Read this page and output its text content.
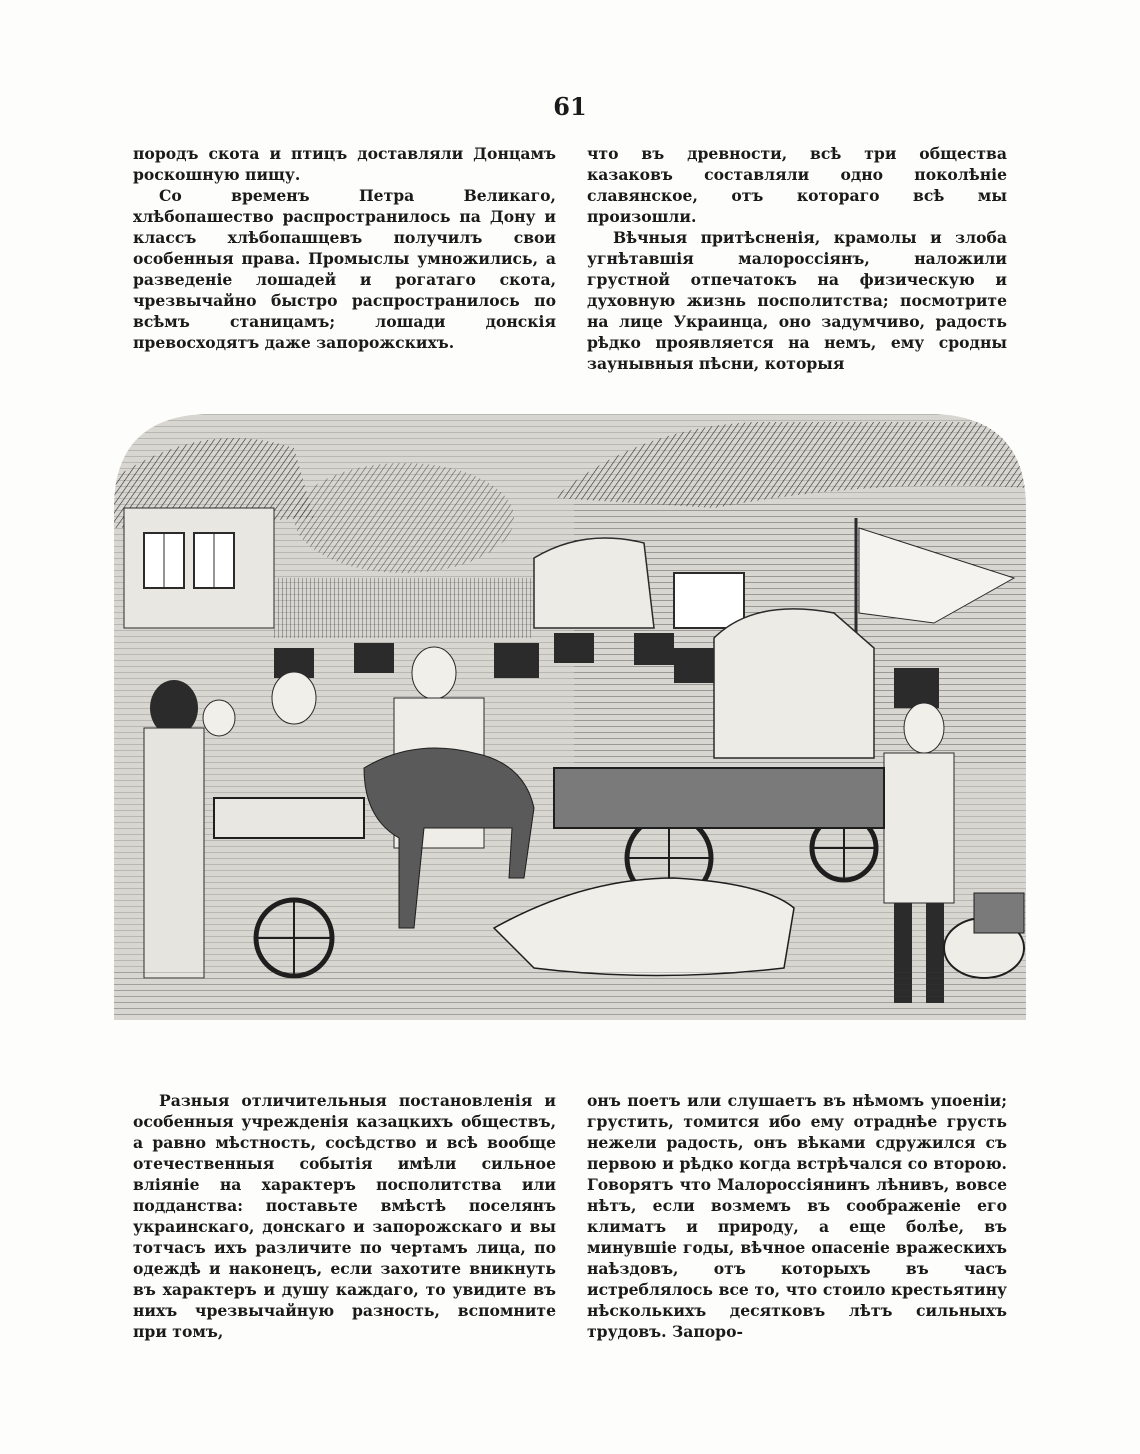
61

породъ скота и птицъ доставляли Донцамъ роскошную пищу.

Со временъ Петра Великаго, хлѣбопашество распространилось па Дону и классъ хлѣбопашцевъ получилъ свои особенныя права. Промыслы умножились, а разведеніе лошадей и рогатаго скота, чрезвычайно быстро распространилось по всѣмъ станицамъ; лошади донскія превосходятъ даже запорожскихъ.

что въ древности, всѣ три общества казаковъ составляли одно поколѣніе славянское, отъ котораго всѣ мы произошли.

Вѣчныя притѣсненія, крамолы и злоба угнѣтавшія малороссіянъ, наложили грустной отпечатокъ на физическую и духовную жизнь посполитства; посмотрите на лице Украинца, оно задумчиво, радость рѣдко проявляется на немъ, ему сродны заунывныя пѣсни, которыя

Разныя отличительныя постановленія и особенныя учрежденія казацкихъ обществъ, а равно мѣстность, сосѣдство и всѣ вообще отечественныя событія имѣли сильное вліяніе на характеръ посполитства или подданства: поставьте вмѣстѣ поселянъ украинскаго, донскаго и запорожскаго и вы тотчасъ ихъ различите по чертамъ лица, по одеждѣ и наконецъ, если захотите вникнуть въ характеръ и душу каждаго, то увидите въ нихъ чрезвычайную разность, вспомните при томъ,

онъ поетъ или слушаетъ въ нѣмомъ упоеніи; грустить, томится ибо ему отраднѣе грусть нежели радость, онъ вѣками сдружился съ первою и рѣдко когда встрѣчался со второю. Говорятъ что Малороссіянинъ лѣнивъ, вовсе нѣтъ, если возмемъ въ соображеніе его климатъ и природу, а еще болѣе, въ минувшіе годы, вѣчное опасеніе вражескихъ наѣздовъ, отъ которыхъ въ часъ истреблялось все то, что стоило крестьятину нѣсколькихъ десятковъ лѣтъ сильныхъ трудовъ. Запоро-
